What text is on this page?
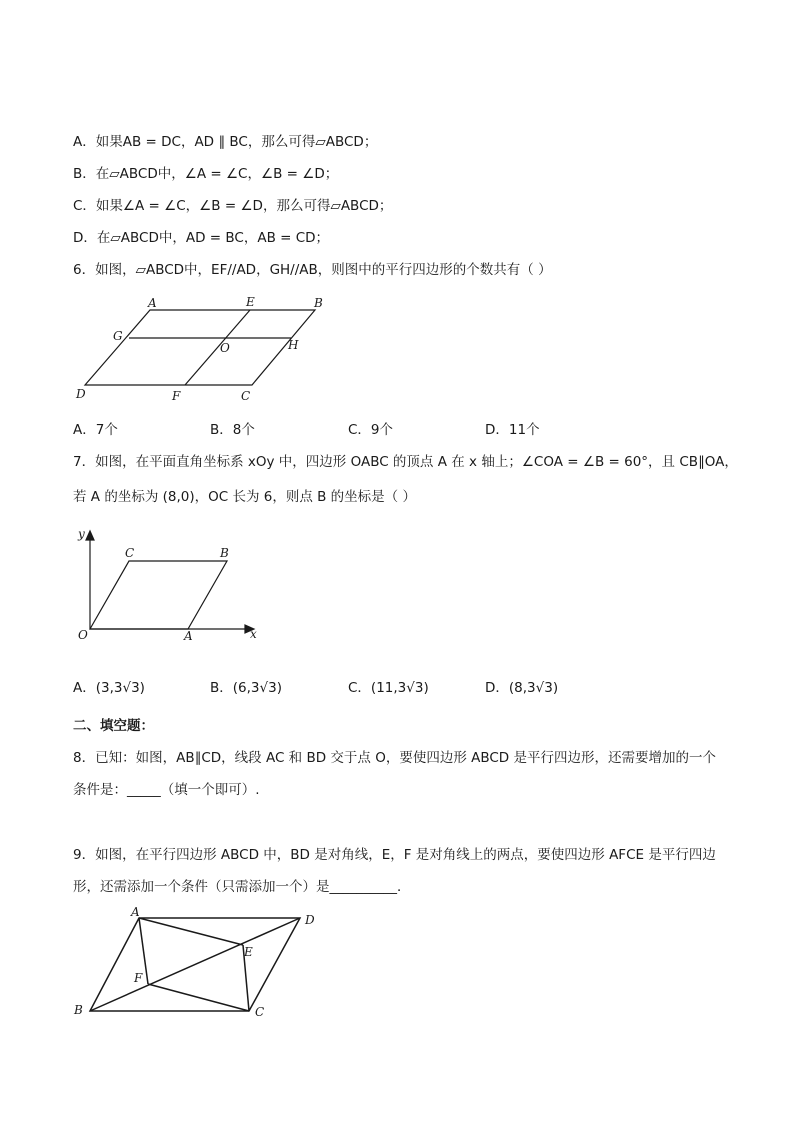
A．如果AB = DC，AD ∥ BC，那么可得▱ABCD；
B．在▱ABCD中，∠A = ∠C，∠B = ∠D；
C．如果∠A = ∠C，∠B = ∠D，那么可得▱ABCD；
D．在▱ABCD中，AD = BC，AB = CD；
6．如图，▱ABCD中，EF//AD，GH//AB，则图中的平行四边形的个数共有（ ）
A	E	B
G
O	H
D	F	C
A．7个	B．8个	C．9个	D．11个
7．如图，在平面直角坐标系 xOy 中，四边形 OABC 的顶点 A 在 x 轴上；∠COA = ∠B = 60°，且 CB∥OA，
若 A 的坐标为 (8,0)，OC 长为 6，则点 B 的坐标是（ ）
y
x
O	A
B
C
A．(3,3√3)	B．(6,3√3)	C．(11,3√3)	D．(8,3√3)
二、填空题：
8．已知：如图，AB∥CD，线段 AC 和 BD 交于点 O，要使四边形 ABCD 是平行四边形，还需要增加的一个
条件是：_____（填一个即可）.
9．如图，在平行四边形 ABCD 中，BD 是对角线，E，F 是对角线上的两点，要使四边形 AFCE 是平行四边
形，还需添加一个条件（只需添加一个）是__________．
A
D
E
F
B	C
